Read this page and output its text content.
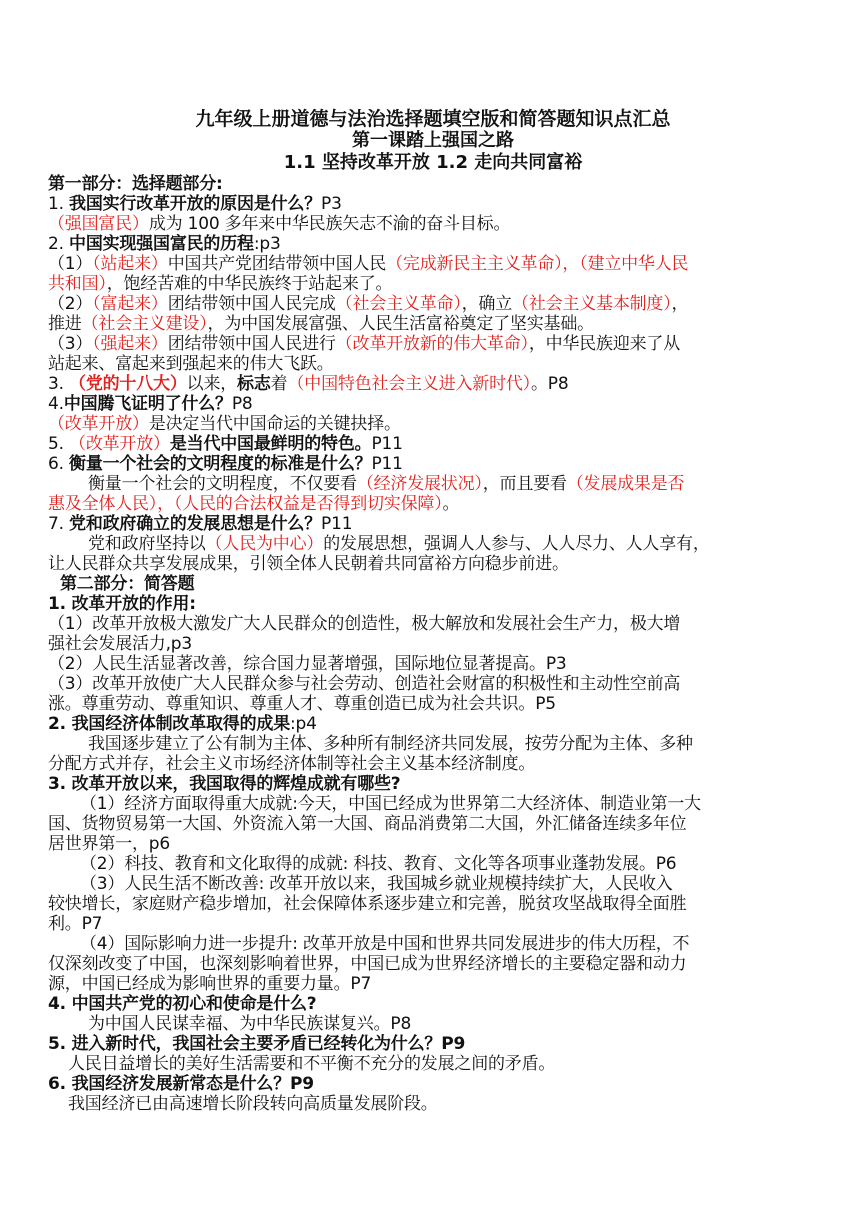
九年级上册道德与法治选择题填空版和简答题知识点汇总
第一课踏上强国之路
1.1 坚持改革开放 1.2 走向共同富裕
第一部分：选择题部分:
1. 我国实行改革开放的原因是什么？P3
（强国富民）成为 100 多年来中华民族矢志不渝的奋斗目标。
2. 中国实现强国富民的历程:p3
（1）（站起来）中国共产党团结带领中国人民（完成新民主主义革命），（建立中华人民
共和国），饱经苦难的中华民族终于站起来了。
（2）（富起来）团结带领中国人民完成（社会主义革命），确立（社会主义基本制度），
推进（社会主义建设），为中国发展富强、人民生活富裕奠定了坚实基础。
（3）（强起来）团结带领中国人民进行（改革开放新的伟大革命），中华民族迎来了从
站起来、富起来到强起来的伟大飞跃。
3. （党的十八大）以来，标志着（中国特色社会主义进入新时代）。P8
4.中国腾飞证明了什么？P8
（改革开放）是决定当代中国命运的关键抉择。
5. （改革开放）是当代中国最鲜明的特色。P11
6. 衡量一个社会的文明程度的标准是什么？P11
衡量一个社会的文明程度，不仅要看（经济发展状况），而且要看（发展成果是否
惠及全体人民），（人民的合法权益是否得到切实保障）。
7. 党和政府确立的发展思想是什么？P11
党和政府坚持以（人民为中心）的发展思想，强调人人参与、人人尽力、人人享有，
让人民群众共享发展成果，引领全体人民朝着共同富裕方向稳步前进。
第二部分：简答题
1. 改革开放的作用:
（1）改革开放极大激发广大人民群众的创造性，极大解放和发展社会生产力，极大增
强社会发展活力,p3
（2）人民生活显著改善，综合国力显著增强，国际地位显著提高。P3
（3）改革开放使广大人民群众参与社会劳动、创造社会财富的积极性和主动性空前高
涨。尊重劳动、尊重知识、尊重人才、尊重创造已成为社会共识。P5
2. 我国经济体制改革取得的成果:p4
我国逐步建立了公有制为主体、多种所有制经济共同发展，按劳分配为主体、多种
分配方式并存，社会主义市场经济体制等社会主义基本经济制度。
3. 改革开放以来，我国取得的辉煌成就有哪些?
（1）经济方面取得重大成就:今天，中国已经成为世界第二大经济体、制造业第一大
国、货物贸易第一大国、外资流入第一大国、商品消费第二大国，外汇储备连续多年位
居世界第一，p6
（2）科技、教育和文化取得的成就: 科技、教育、文化等各项事业蓬勃发展。P6
（3）人民生活不断改善: 改革开放以来，我国城乡就业规模持续扩大，人民收入
较快增长，家庭财产稳步增加，社会保障体系逐步建立和完善，脱贫攻坚战取得全面胜
利。P7
（4）国际影响力进一步提升: 改革开放是中国和世界共同发展进步的伟大历程，不
仅深刻改变了中国，也深刻影响着世界，中国已成为世界经济增长的主要稳定器和动力
源，中国已经成为影响世界的重要力量。P7
4. 中国共产党的初心和使命是什么?
为中国人民谋幸福、为中华民族谋复兴。P8
5. 进入新时代，我国社会主要矛盾已经转化为什么？P9
人民日益增长的美好生活需要和不平衡不充分的发展之间的矛盾。
6. 我国经济发展新常态是什么？P9
我国经济已由高速增长阶段转向高质量发展阶段。
